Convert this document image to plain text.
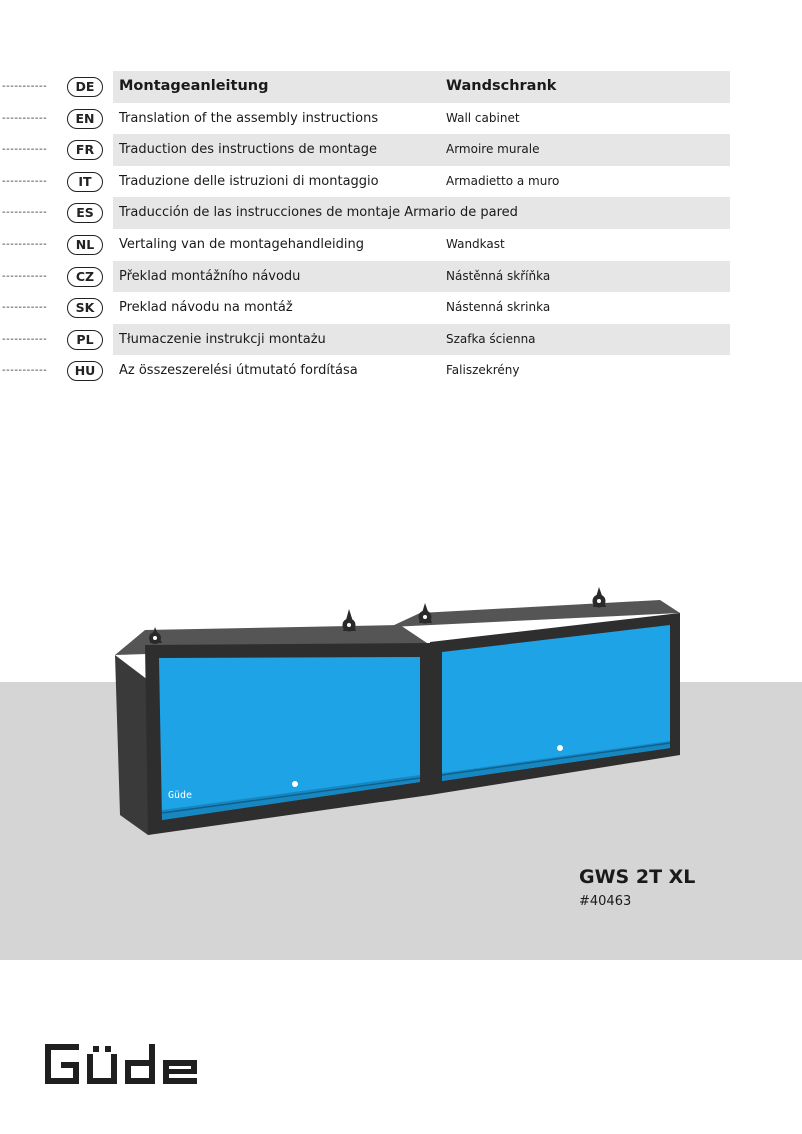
-----------	DE	Montageanleitung	Wandschrank
-----------	EN	Translation of the assembly instructions	Wall cabinet
-----------	FR	Traduction des instructions de montage	Armoire murale
-----------	IT	Traduzione delle istruzioni di montaggio	Armadietto a muro
-----------	ES	Traducción de las instrucciones de montaje Armario de pared
-----------	NL	Vertaling van de montagehandleiding	Wandkast
-----------	CZ	Překlad montážního návodu	Nástěnná skříňka
-----------	SK	Preklad návodu na montáž	Nástenná skrinka
-----------	PL	Tłumaczenie instrukcji montażu	Szafka ścienna
-----------	HU	Az összeszerelési útmutató fordítása	Faliszekrény
Güde
GWS 2T XL
#40463
